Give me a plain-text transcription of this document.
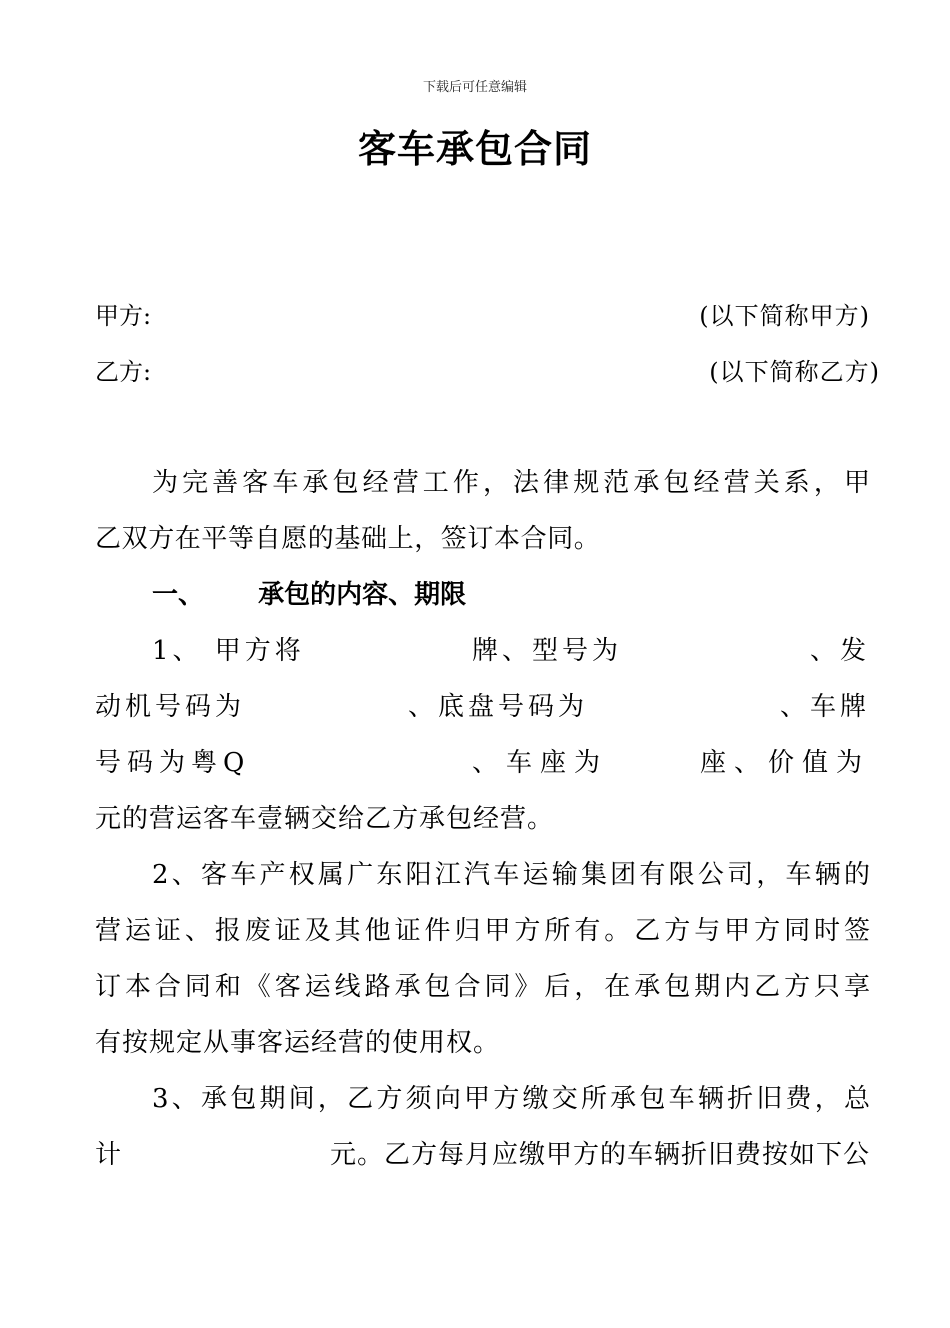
下载后可任意编辑
客车承包合同
甲方:	(以下简称甲方)
乙方:	(以下简称乙方)
为完善客车承包经营工作，法律规范承包经营关系，甲
乙双方在平等自愿的基础上，签订本合同。
一、 承包的内容、期限
1、 甲方将	牌、型号为	、发
动机号码为	、底盘号码为	、车牌
号码为粤Q	、车座为	座、价值为
元的营运客车壹辆交给乙方承包经营。
2、客车产权属广东阳江汽车运输集团有限公司，车辆的
营运证、报废证及其他证件归甲方所有。乙方与甲方同时签
订本合同和《客运线路承包合同》后，在承包期内乙方只享
有按规定从事客运经营的使用权。
3、承包期间，乙方须向甲方缴交所承包车辆折旧费，总
计	元。乙方每月应缴甲方的车辆折旧费按如下公
